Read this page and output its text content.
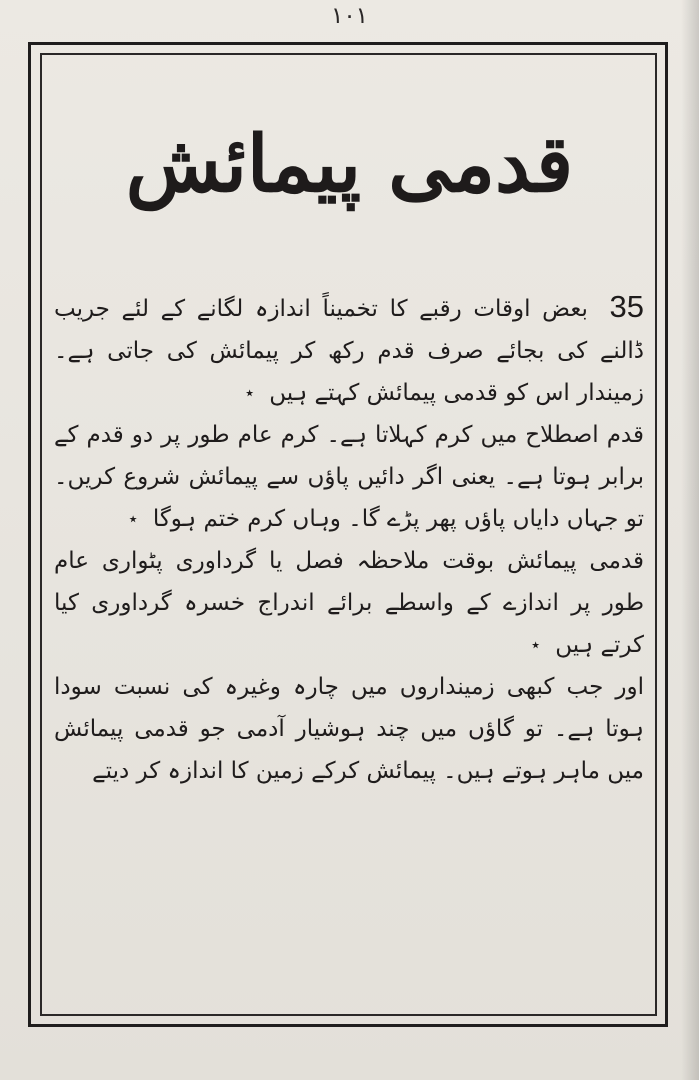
١٠١
قدمی پیمائش

35 بعض اوقات رقبے کا تخمیناً اندازہ لگانے کے لئے جریب ڈالنے کی بجائے صرف قدم رکھ کر پیمائش کی جاتی ہے۔ زمیندار اس کو قدمی پیمائش کہتے ہیں ٭

قدم اصطلاح میں کرم کہلاتا ہے۔ کرم عام طور پر دو قدم کے برابر ہوتا ہے۔ یعنی اگر دائیں پاؤں سے پیمائش شروع کریں۔ تو جہاں دایاں پاؤں پھر پڑے گا۔ وہاں کرم ختم ہوگا ٭

قدمی پیمائش بوقت ملاحظہ فصل یا گرداوری پٹواری عام طور پر اندازے کے واسطے برائے اندراج خسرہ گرداوری کیا کرتے ہیں ٭

اور جب کبھی زمینداروں میں چارہ وغیرہ کی نسبت سودا ہوتا ہے۔ تو گاؤں میں چند ہوشیار آدمی جو قدمی پیمائش میں ماہر ہوتے ہیں۔ پیمائش کرکے زمین کا اندازہ کر دیتے
